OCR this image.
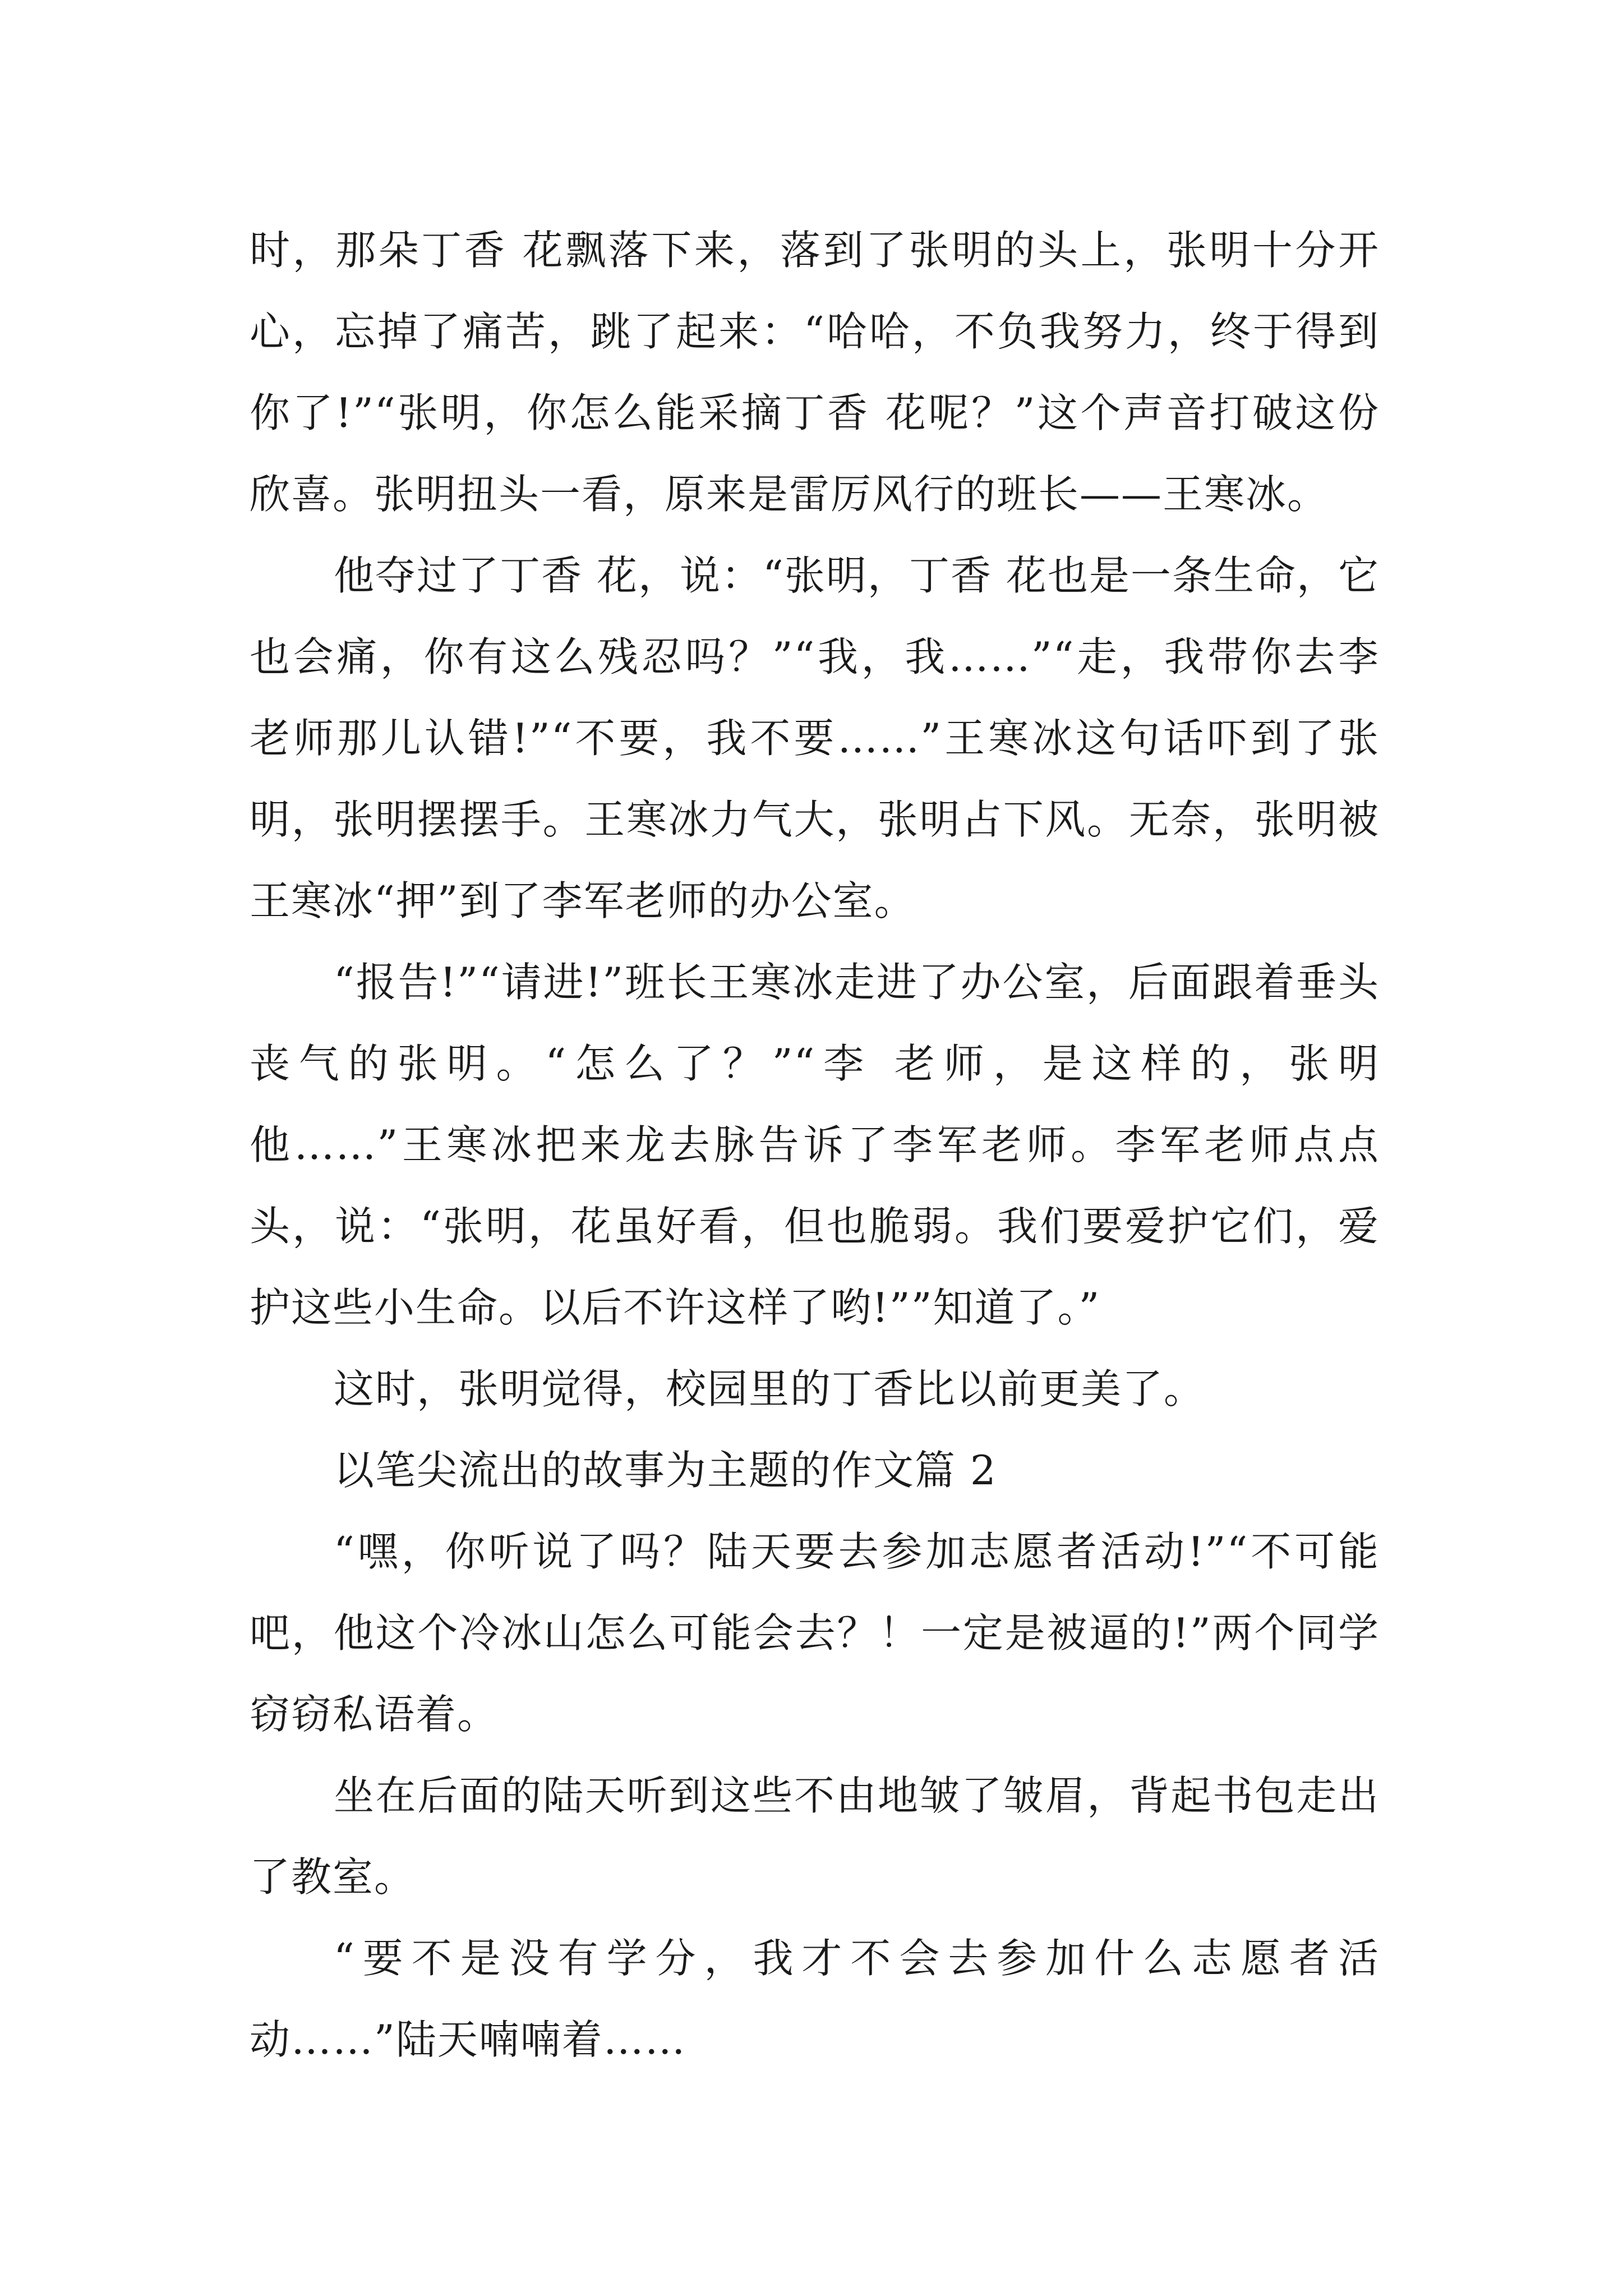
时，那朵丁香 花飘落下来，落到了张明的头上，张明十分开心，忘掉了痛苦，跳了起来：“哈哈，不负我努力，终于得到你了!”“张明，你怎么能采摘丁香 花呢？”这个声音打破这份欣喜。张明扭头一看，原来是雷厉风行的班长——王寒冰。

他夺过了丁香 花，说：“张明，丁香 花也是一条生命，它也会痛，你有这么残忍吗？”“我，我……”“走，我带你去李 老师那儿认错!”“不要，我不要……”王寒冰这句话吓到了张明，张明摆摆手。王寒冰力气大，张明占下风。无奈，张明被王寒冰“押”到了李军老师的办公室。

“报告!”“请进!”班长王寒冰走进了办公室，后面跟着垂头丧气的张明。“怎么了？”“李 老师，是这样的，张明他……”王寒冰把来龙去脉告诉了李军老师。李军老师点点头，说：“张明，花虽好看，但也脆弱。我们要爱护它们，爱护这些小生命。以后不许这样了哟!””知道了。”

这时，张明觉得，校园里的丁香比以前更美了。

以笔尖流出的故事为主题的作文篇 2

“嘿，你听说了吗？陆天要去参加志愿者活动!”“不可能吧，他这个冷冰山怎么可能会去？！一定是被逼的!”两个同学窃窃私语着。

坐在后面的陆天听到这些不由地皱了皱眉，背起书包走出了教室。

“要不是没有学分，我才不会去参加什么志愿者活动……”陆天喃喃着……
